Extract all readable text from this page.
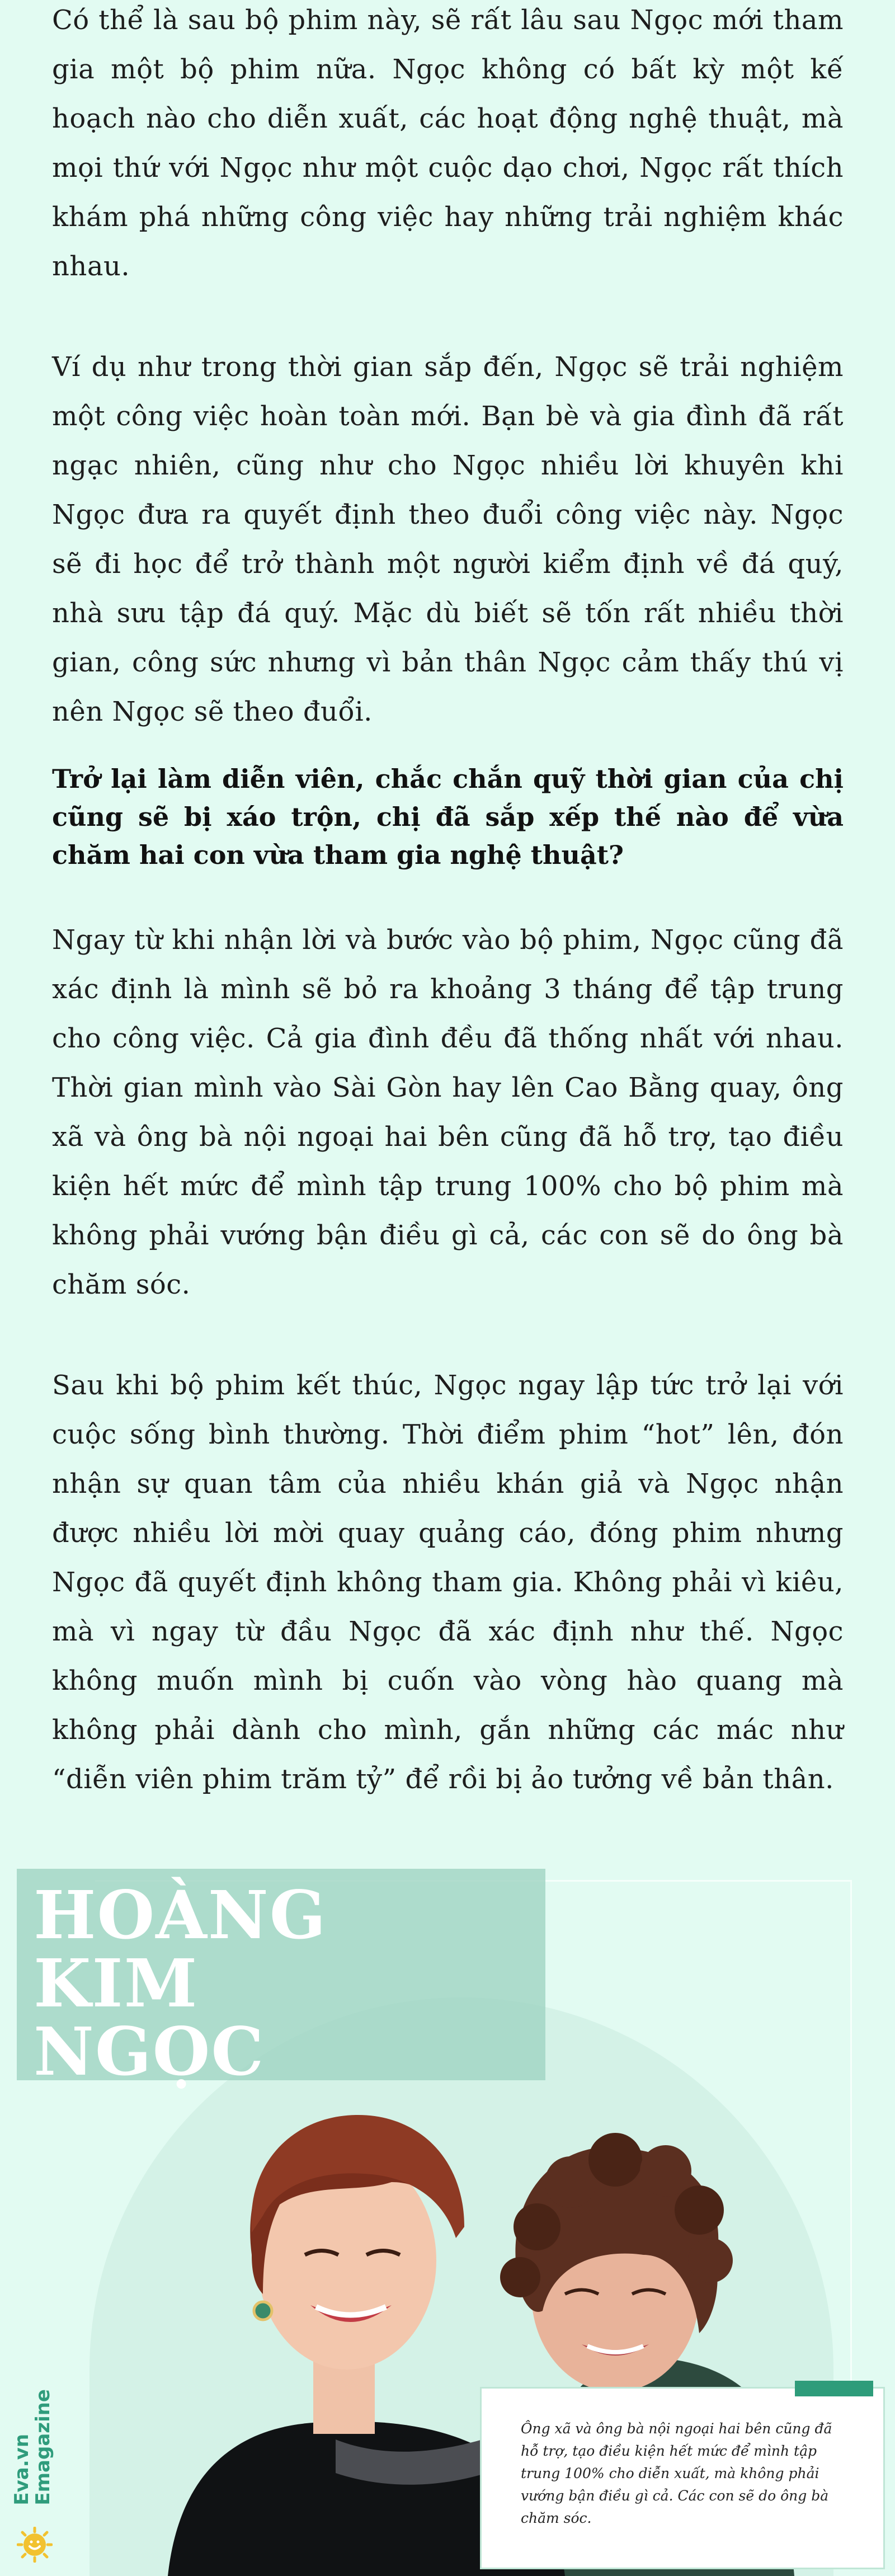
Có thể là sau bộ phim này, sẽ rất lâu sau Ngọc mới tham gia một bộ phim nữa. Ngọc không có bất kỳ một kế hoạch nào cho diễn xuất, các hoạt động nghệ thuật, mà mọi thứ với Ngọc như một cuộc dạo chơi, Ngọc rất thích khám phá những công việc hay những trải nghiệm khác nhau.

Ví dụ như trong thời gian sắp đến, Ngọc sẽ trải nghiệm một công việc hoàn toàn mới. Bạn bè và gia đình đã rất ngạc nhiên, cũng như cho Ngọc nhiều lời khuyên khi Ngọc đưa ra quyết định theo đuổi công việc này. Ngọc sẽ đi học để trở thành một người kiểm định về đá quý, nhà sưu tập đá quý. Mặc dù biết sẽ tốn rất nhiều thời gian, công sức nhưng vì bản thân Ngọc cảm thấy thú vị nên Ngọc sẽ theo đuổi.

Trở lại làm diễn viên, chắc chắn quỹ thời gian của chị cũng sẽ bị xáo trộn, chị đã sắp xếp thế nào để vừa chăm hai con vừa tham gia nghệ thuật?

Ngay từ khi nhận lời và bước vào bộ phim, Ngọc cũng đã xác định là mình sẽ bỏ ra khoảng 3 tháng để tập trung cho công việc. Cả gia đình đều đã thống nhất với nhau. Thời gian mình vào Sài Gòn hay lên Cao Bằng quay, ông xã và ông bà nội ngoại hai bên cũng đã hỗ trợ, tạo điều kiện hết mức để mình tập trung 100% cho bộ phim mà không phải vướng bận điều gì cả, các con sẽ do ông bà chăm sóc.

Sau khi bộ phim kết thúc, Ngọc ngay lập tức trở lại với cuộc sống bình thường. Thời điểm phim “hot” lên, đón nhận sự quan tâm của nhiều khán giả và Ngọc nhận được nhiều lời mời quay quảng cáo, đóng phim nhưng Ngọc đã quyết định không tham gia. Không phải vì kiêu, mà vì ngay từ đầu Ngọc đã xác định như thế. Ngọc không muốn mình bị cuốn vào vòng hào quang mà không phải dành cho mình, gắn những các mác như “diễn viên phim trăm tỷ” để rồi bị ảo tưởng về bản thân.

HOÀNG
KIM
NGỌC
Eva.vn
Emagazine	Ông xã và ông bà nội ngoại hai bên cũng đã hỗ trợ, tạo điều kiện hết mức để mình tập trung 100% cho diễn xuất, mà không phải vướng bận điều gì cả. Các con sẽ do ông bà chăm sóc.
